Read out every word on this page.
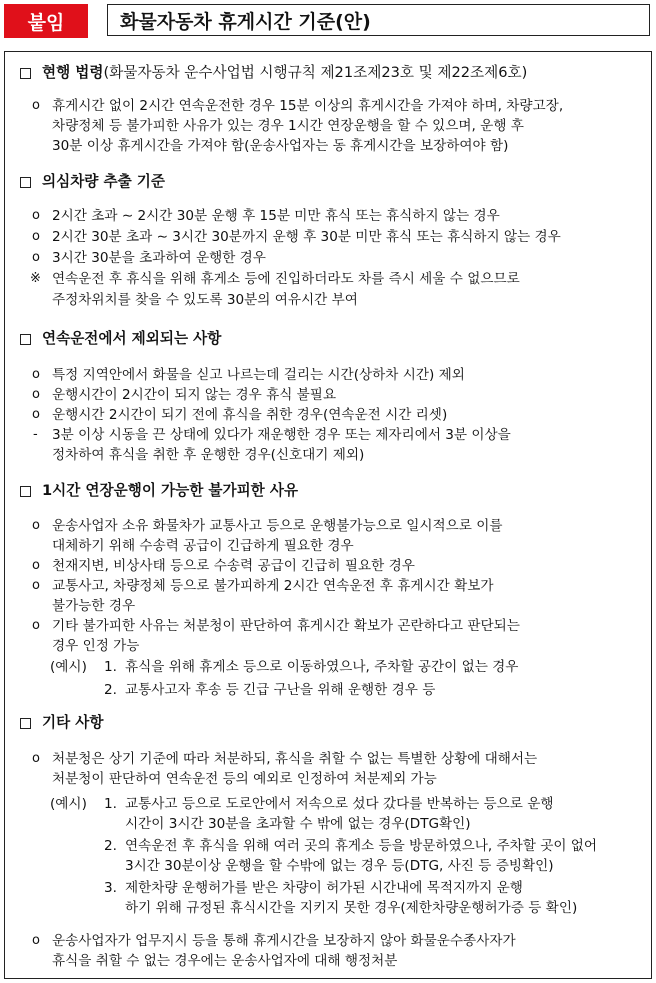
붙임	화물자동차 휴게시간 기준(안)
현행 법령(화물자동차 운수사업법 시행규칙 제21조제23호 및 제22조제6호)
o 휴게시간 없이 2시간 연속운전한 경우 15분 이상의 휴게시간을 가져야 하며, 차량고장,
차량정체 등 불가피한 사유가 있는 경우 1시간 연장운행을 할 수 있으며, 운행 후
30분 이상 휴게시간을 가져야 함(운송사업자는 동 휴게시간을 보장하여야 함)
의심차량 추출 기준
o 2시간 초과 ∼ 2시간 30분 운행 후 15분 미만 휴식 또는 휴식하지 않는 경우
o 2시간 30분 초과 ∼ 3시간 30분까지 운행 후 30분 미만 휴식 또는 휴식하지 않는 경우
o 3시간 30분을 초과하여 운행한 경우
※ 연속운전 후 휴식을 위해 휴게소 등에 진입하더라도 차를 즉시 세울 수 없으므로
주정차위치를 찾을 수 있도록 30분의 여유시간 부여
연속운전에서 제외되는 사항
o 특정 지역안에서 화물을 싣고 나르는데 걸리는 시간(상하차 시간) 제외
o 운행시간이 2시간이 되지 않는 경우 휴식 불필요
o 운행시간 2시간이 되기 전에 휴식을 취한 경우(연속운전 시간 리셋)
- 3분 이상 시동을 끈 상태에 있다가 재운행한 경우 또는 제자리에서 3분 이상을
정차하여 휴식을 취한 후 운행한 경우(신호대기 제외)
1시간 연장운행이 가능한 불가피한 사유
o 운송사업자 소유 화물차가 교통사고 등으로 운행불가능으로 일시적으로 이를
대체하기 위해 수송력 공급이 긴급하게 필요한 경우
o 천재지변, 비상사태 등으로 수송력 공급이 긴급히 필요한 경우
o 교통사고, 차량정체 등으로 불가피하게 2시간 연속운전 후 휴게시간 확보가
불가능한 경우
o 기타 불가피한 사유는 처분청이 판단하여 휴게시간 확보가 곤란하다고 판단되는
경우 인정 가능
(예시) 1. 휴식을 위해 휴게소 등으로 이동하였으나, 주차할 공간이 없는 경우
2. 교통사고자 후송 등 긴급 구난을 위해 운행한 경우 등
기타 사항
o 처분청은 상기 기준에 따라 처분하되, 휴식을 취할 수 없는 특별한 상황에 대해서는
처분청이 판단하여 연속운전 등의 예외로 인정하여 처분제외 가능
(예시) 1. 교통사고 등으로 도로안에서 저속으로 섰다 갔다를 반복하는 등으로 운행
시간이 3시간 30분을 초과할 수 밖에 없는 경우(DTG확인)
2. 연속운전 후 휴식을 위해 여러 곳의 휴게소 등을 방문하였으나, 주차할 곳이 없어
3시간 30분이상 운행을 할 수밖에 없는 경우 등(DTG, 사진 등 증빙확인)
3. 제한차량 운행허가를 받은 차량이 허가된 시간내에 목적지까지 운행
하기 위해 규정된 휴식시간을 지키지 못한 경우(제한차량운행허가증 등 확인)
o 운송사업자가 업무지시 등을 통해 휴게시간을 보장하지 않아 화물운수종사자가
휴식을 취할 수 없는 경우에는 운송사업자에 대해 행정처분
